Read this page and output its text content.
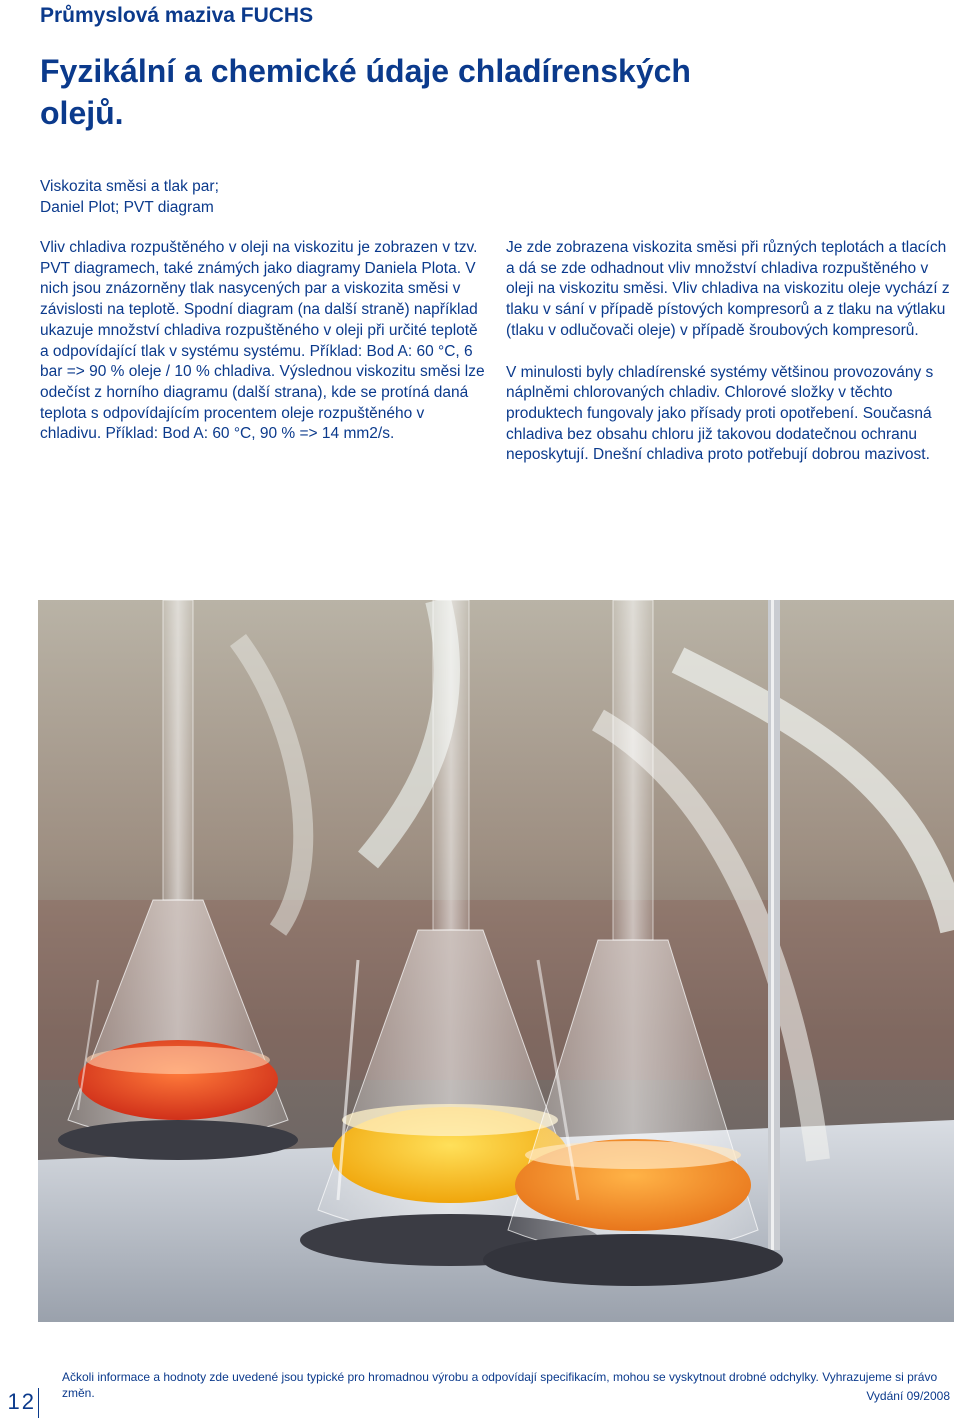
Průmyslová maziva FUCHS
Fyzikální a chemické údaje chladírenských olejů.
Viskozita směsi a tlak par;
Daniel Plot; PVT diagram

Vliv chladiva rozpuštěného v oleji na viskozitu je zobrazen v tzv. PVT diagramech, také známých jako diagramy Daniela Plota. V nich jsou znázorněny tlak nasycených par a viskozita směsi v závislosti na teplotě. Spodní diagram (na další straně) například ukazuje množství chladiva rozpuštěného v oleji při určité teplotě a odpovídající tlak v systému systému. Příklad: Bod A: 60 °C, 6 bar => 90 % oleje / 10 % chladiva. Výslednou viskozitu směsi lze odečíst z horního diagramu (další strana), kde se protíná daná teplota s odpovídajícím procentem oleje rozpuštěného v chladivu. Příklad: Bod A: 60 °C, 90 % => 14 mm2/s.

Je zde zobrazena viskozita směsi při různých teplotách a tlacích a dá se zde odhadnout vliv množství chladiva rozpuštěného v oleji na viskozitu směsi. Vliv chladiva na viskozitu oleje vychází z tlaku v sání v případě pístových kompresorů a z tlaku na výtlaku (tlaku v odlučovači oleje) v případě šroubových kompresorů.

V minulosti byly chladírenské systémy většinou provozovány s náplněmi chlorovaných chladiv. Chlorové složky v těchto produktech fungovaly jako přísady proti opotřebení. Současná chladiva bez obsahu chloru již takovou dodatečnou ochranu neposkytují. Dnešní chladiva proto potřebují dobrou mazivost.

12
Ačkoli informace a hodnoty zde uvedené jsou typické pro hromadnou výrobu a odpovídají specifikacím, mohou se vyskytnout drobné odchylky. Vyhrazujeme si právo změn.	Vydání 09/2008
